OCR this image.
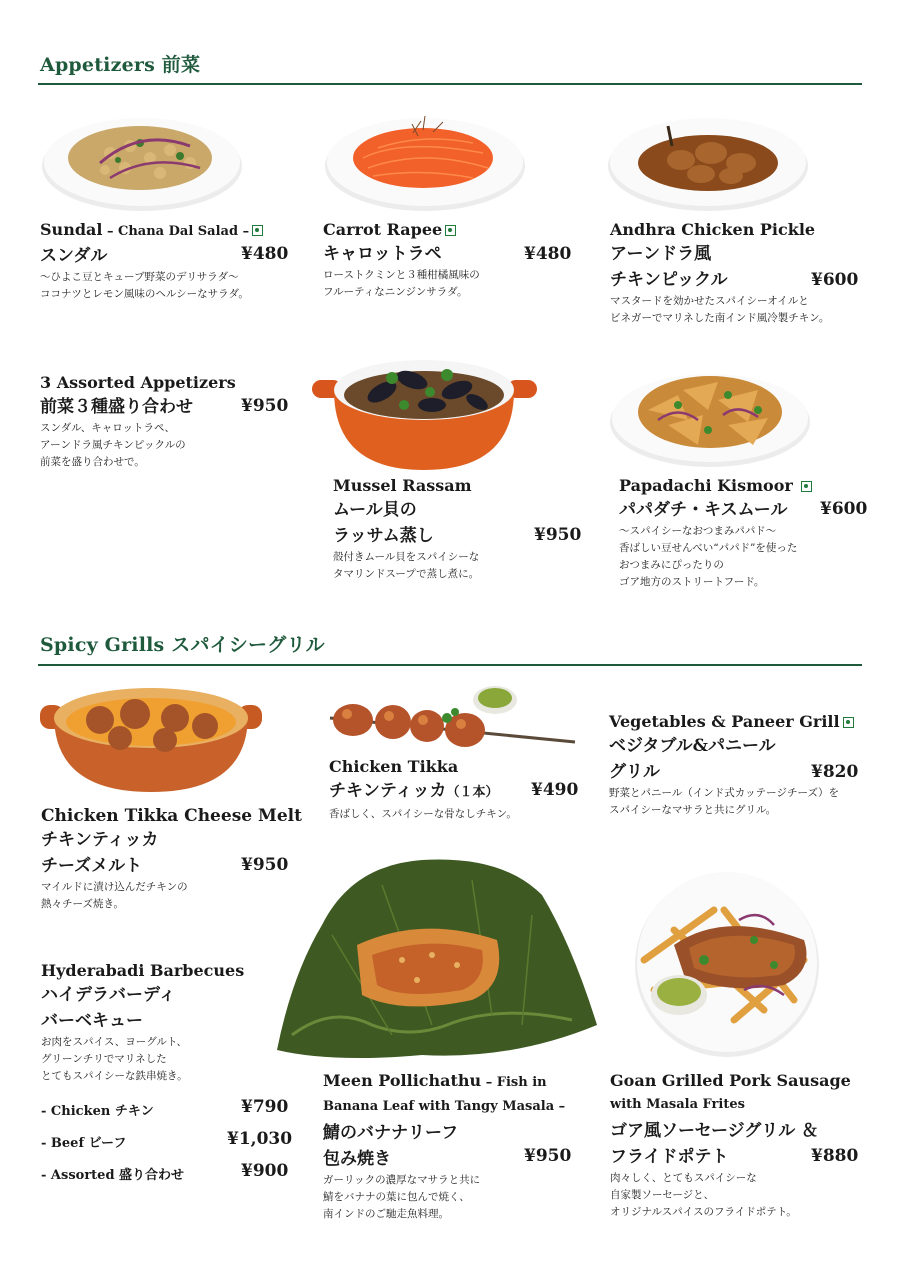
Appetizers 前菜
Sundal – Chana Dal Salad –
スンダル
〜ひよこ豆とキューブ野菜のデリサラダ〜
ココナツとレモン風味のヘルシーなサラダ。
¥480
Carrot Rapee
キャロットラペ
ローストクミンと３種柑橘風味の
フルーティなニンジンサラダ。
¥480
Andhra Chicken Pickle
アーンドラ風
チキンピックル
マスタードを効かせたスパイシーオイルと
ビネガーでマリネした南インド風冷製チキン。
¥600
3 Assorted Appetizers
前菜３種盛り合わせ
スンダル、キャロットラペ、
アーンドラ風チキンピックルの
前菜を盛り合わせで。
¥950
Mussel Rassam
ムール貝の
ラッサム蒸し
殻付きムール貝をスパイシーな
タマリンドスープで蒸し煮に。
¥950
Papadachi Kismoor
パパダチ・キスムール
〜スパイシーなおつまみパパド〜
香ばしい豆せんべい“パパド”を使った
おつまみにぴったりの
ゴア地方のストリートフード。
¥600
Spicy Grills スパイシーグリル
Chicken Tikka Cheese Melt
チキンティッカ
チーズメルト
マイルドに漬け込んだチキンの
熱々チーズ焼き。
¥950
Chicken Tikka
チキンティッカ（１本）
香ばしく、スパイシーな骨なしチキン。
¥490
Vegetables & Paneer Grill
ベジタブル&パニール
グリル
野菜とパニール（インド式カッテージチーズ）を
スパイシーなマサラと共にグリル。
¥820
Hyderabadi Barbecues
ハイデラバーディ
バーベキュー
お肉をスパイス、ヨーグルト、
グリーンチリでマリネした
とてもスパイシーな鉄串焼き。
- Chicken チキン	¥790
- Beef ビーフ	¥1,030
- Assorted 盛り合わせ	¥900
Meen Pollichathu – Fish in
Banana Leaf with Tangy Masala –
鯖のバナナリーフ
包み焼き
ガーリックの濃厚なマサラと共に
鯖をバナナの葉に包んで焼く、
南インドのご馳走魚料理。
¥950
Goan Grilled Pork Sausage
with Masala Frites
ゴア風ソーセージグリル ＆
フライドポテト
肉々しく、とてもスパイシーな
自家製ソーセージと、
オリジナルスパイスのフライドポテト。
¥880
